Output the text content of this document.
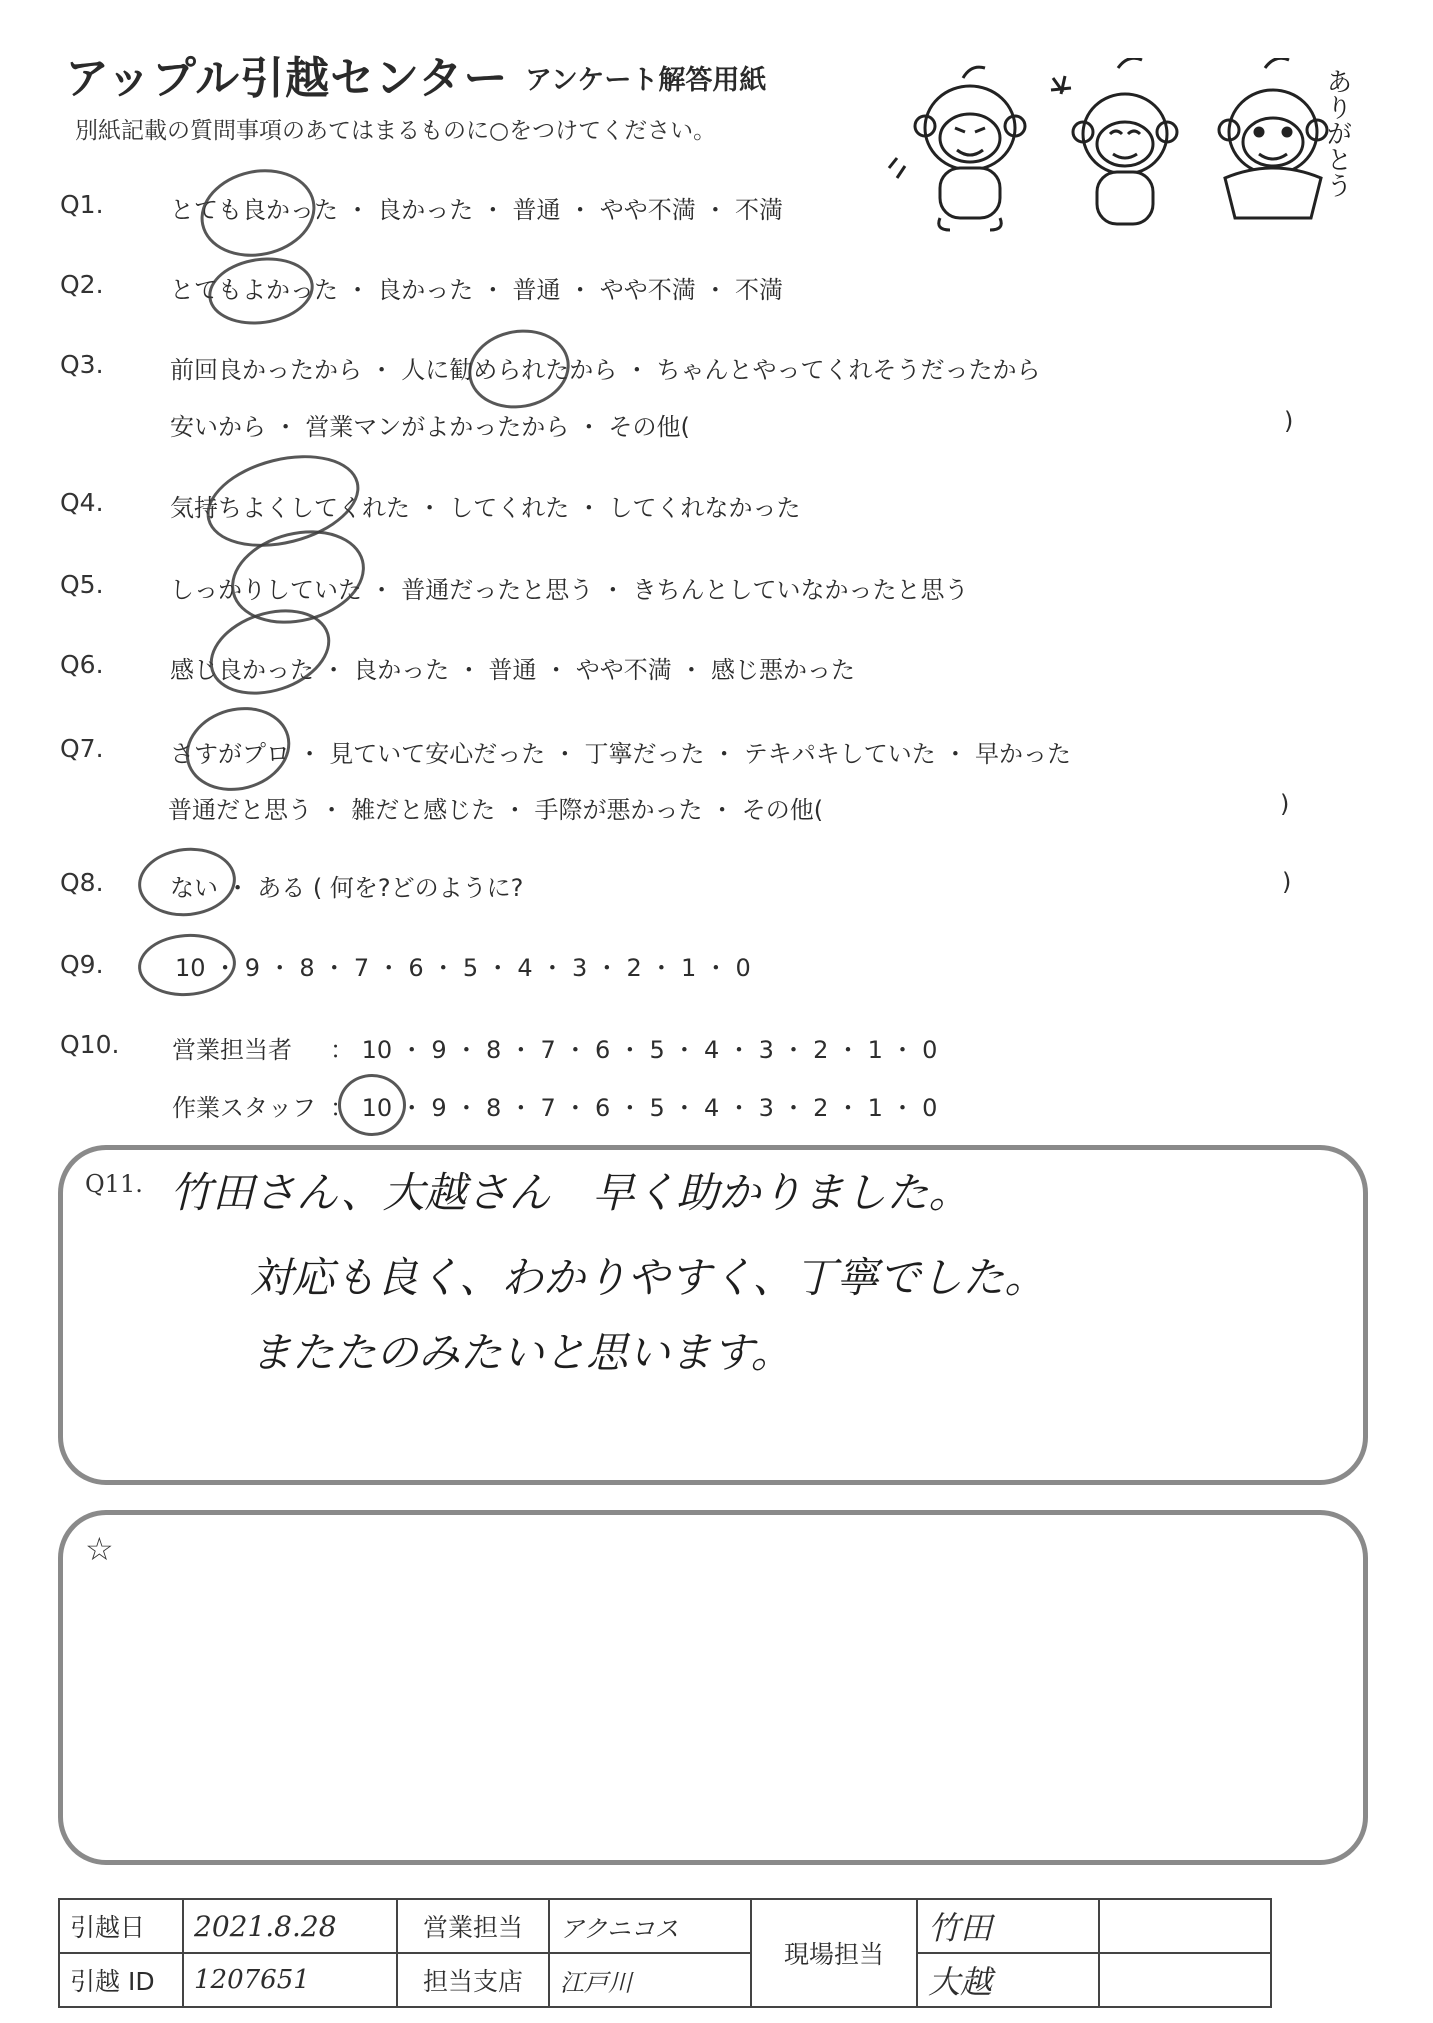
アップル引越センター アンケート解答用紙
別紙記載の質問事項のあてはまるものに○をつけてください。	ありがとう
Q1.	とても良かった ・ 良かった ・ 普通 ・ やや不満 ・ 不満
Q2.	とてもよかった ・ 良かった ・ 普通 ・ やや不満 ・ 不満
Q3.	前回良かったから ・ 人に勧められたから ・ ちゃんとやってくれそうだったから
安いから ・ 営業マンがよかったから ・ その他(	)
Q4.	気持ちよくしてくれた ・ してくれた ・ してくれなかった
Q5.	しっかりしていた ・ 普通だったと思う ・ きちんとしていなかったと思う
Q6.	感じ良かった ・ 良かった ・ 普通 ・ やや不満 ・ 感じ悪かった
Q7.	さすがプロ ・ 見ていて安心だった ・ 丁寧だった ・ テキパキしていた ・ 早かった
普通だと思う ・ 雑だと感じた ・ 手際が悪かった ・ その他(	)
Q8.	ない ・ ある ( 何を?どのように?	)
Q9.	10 ・ 9 ・ 8 ・ 7 ・ 6 ・ 5 ・ 4 ・ 3 ・ 2 ・ 1 ・ 0
Q10. 営業担当者 ： 10 ・ 9 ・ 8 ・ 7 ・ 6 ・ 5 ・ 4 ・ 3 ・ 2 ・ 1 ・ 0
作業スタッフ ： 10 ・ 9 ・ 8 ・ 7 ・ 6 ・ 5 ・ 4 ・ 3 ・ 2 ・ 1 ・ 0
Q11. 竹田さん、大越さん　早く助かりました。
対応も良く、わかりやすく、丁寧でした。
またたのみたいと思います。
☆
引越日	2021.8.28	営業担当	アクニコス	現場担当	竹田	
引越 ID	1207651	担当支店	江戸川		大越	
